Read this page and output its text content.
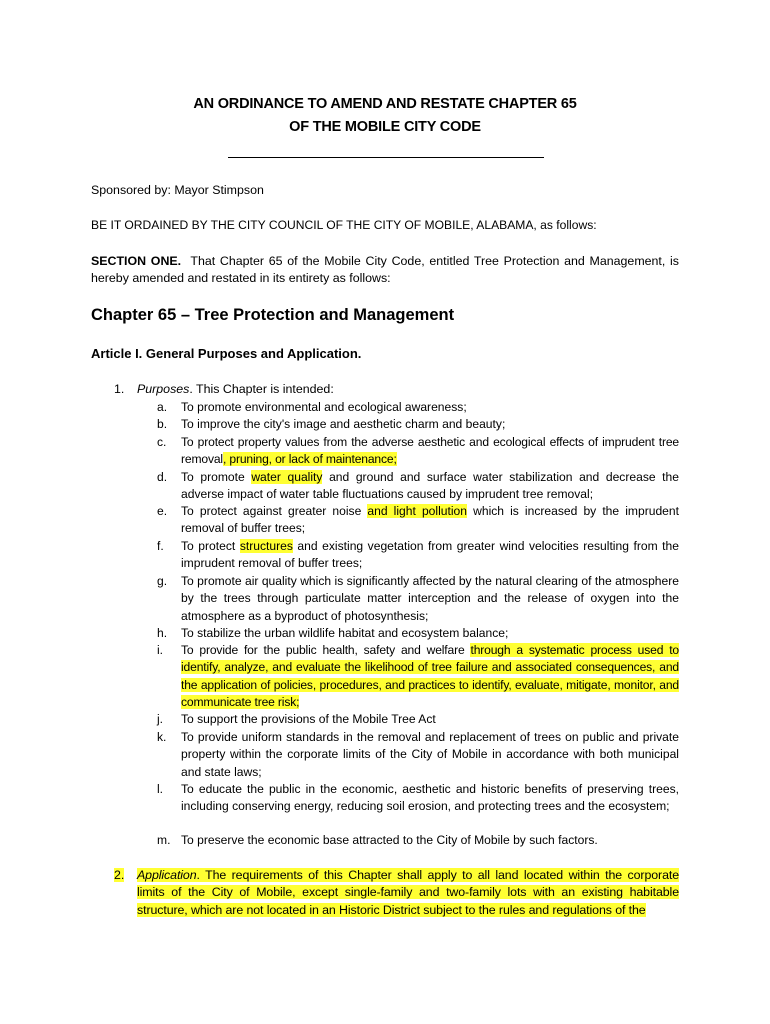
AN ORDINANCE TO AMEND AND RESTATE CHAPTER 65
OF THE MOBILE CITY CODE
Sponsored by: Mayor Stimpson
BE IT ORDAINED BY THE CITY COUNCIL OF THE CITY OF MOBILE, ALABAMA, as follows:
SECTION ONE. That Chapter 65 of the Mobile City Code, entitled Tree Protection and Management, is hereby amended and restated in its entirety as follows:
Chapter 65 – Tree Protection and Management
Article I. General Purposes and Application.
1. Purposes. This Chapter is intended:
a. To promote environmental and ecological awareness;
b. To improve the city's image and aesthetic charm and beauty;
c. To protect property values from the adverse aesthetic and ecological effects of imprudent tree removal, pruning, or lack of maintenance;
d. To promote water quality and ground and surface water stabilization and decrease the adverse impact of water table fluctuations caused by imprudent tree removal;
e. To protect against greater noise and light pollution which is increased by the imprudent removal of buffer trees;
f. To protect structures and existing vegetation from greater wind velocities resulting from the imprudent removal of buffer trees;
g. To promote air quality which is significantly affected by the natural clearing of the atmosphere by the trees through particulate matter interception and the release of oxygen into the atmosphere as a byproduct of photosynthesis;
h. To stabilize the urban wildlife habitat and ecosystem balance;
i. To provide for the public health, safety and welfare through a systematic process used to identify, analyze, and evaluate the likelihood of tree failure and associated consequences, and the application of policies, procedures, and practices to identify, evaluate, mitigate, monitor, and communicate tree risk;
j. To support the provisions of the Mobile Tree Act
k. To provide uniform standards in the removal and replacement of trees on public and private property within the corporate limits of the City of Mobile in accordance with both municipal and state laws;
l. To educate the public in the economic, aesthetic and historic benefits of preserving trees, including conserving energy, reducing soil erosion, and protecting trees and the ecosystem;
m. To preserve the economic base attracted to the City of Mobile by such factors.
2. Application. The requirements of this Chapter shall apply to all land located within the corporate limits of the City of Mobile, except single-family and two-family lots with an existing habitable structure, which are not located in an Historic District subject to the rules and regulations of the
